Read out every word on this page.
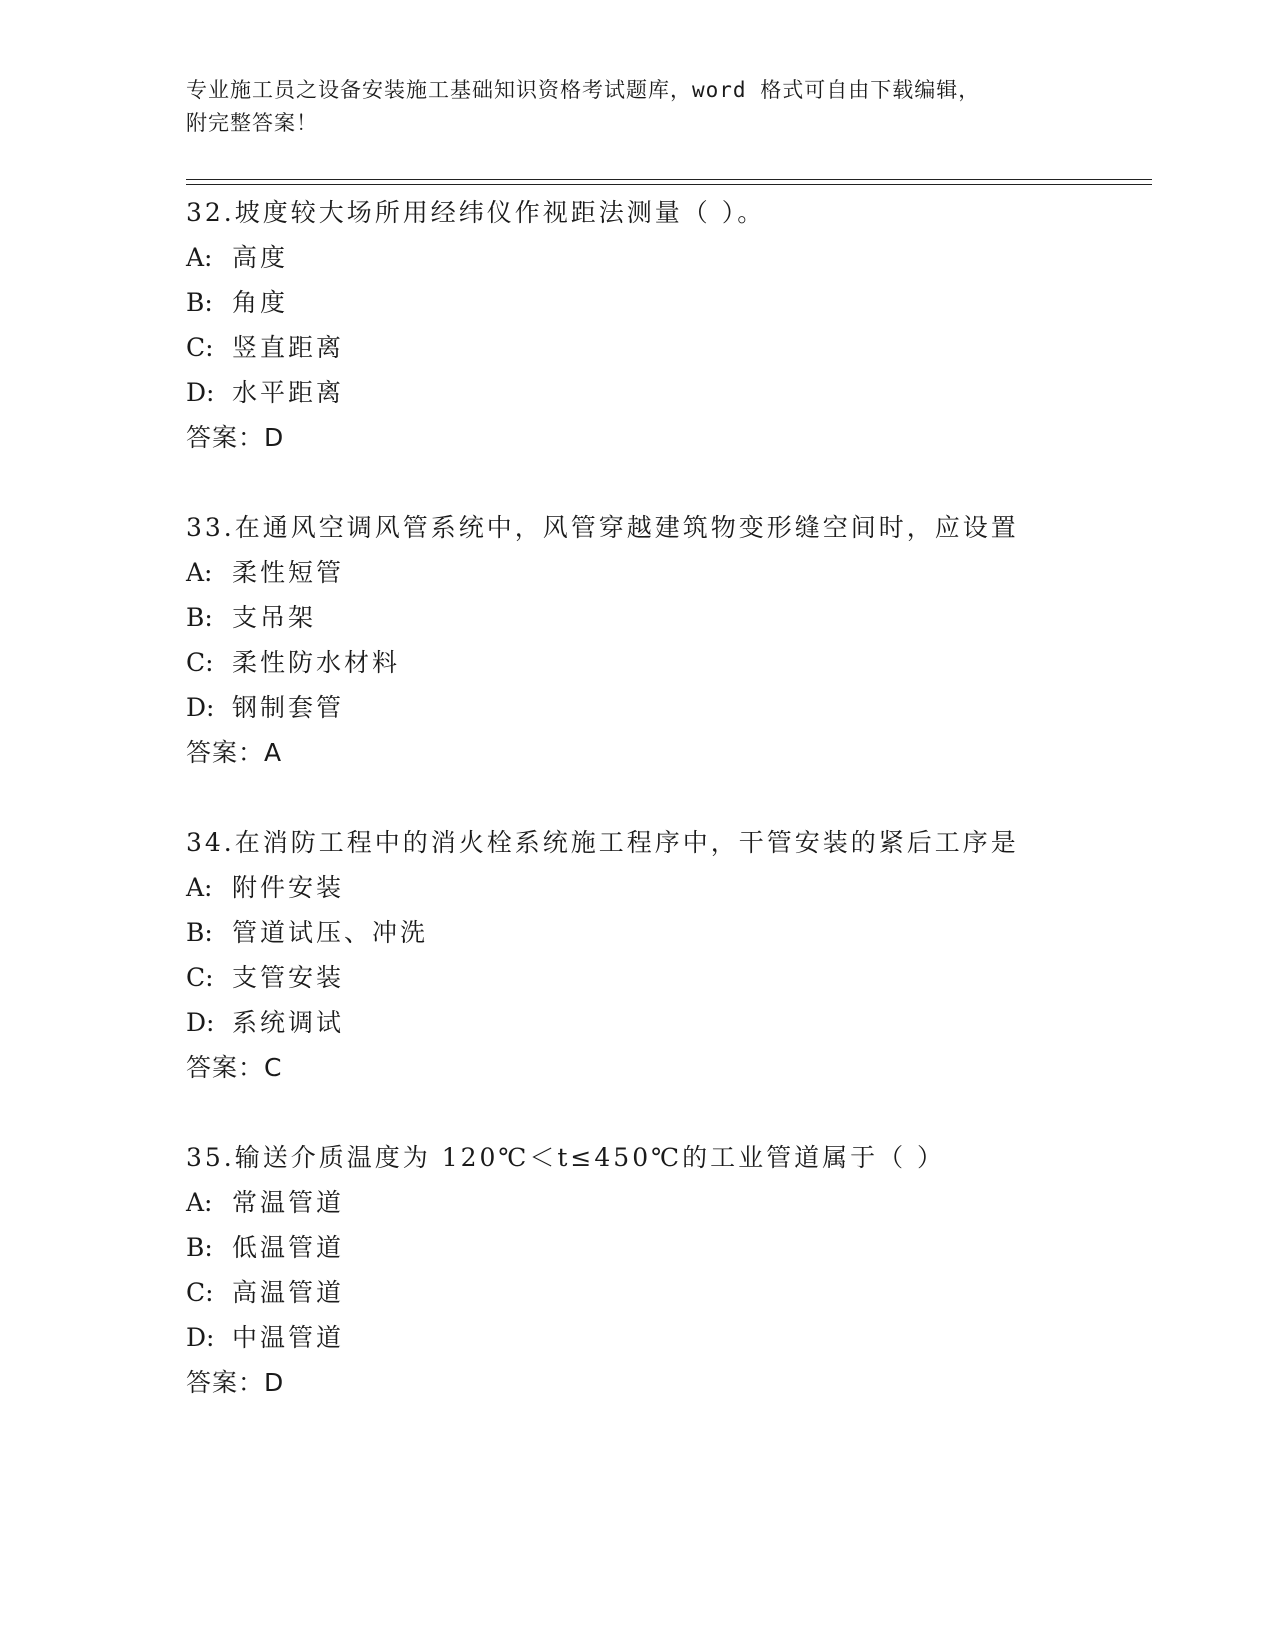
专业施工员之设备安装施工基础知识资格考试题库，word 格式可自由下载编辑，
附完整答案！
32.坡度较大场所用经纬仪作视距法测量（ ）。
A: 高度
B: 角度
C: 竖直距离
D: 水平距离
答案：D
33.在通风空调风管系统中，风管穿越建筑物变形缝空间时，应设置
A: 柔性短管
B: 支吊架
C: 柔性防水材料
D: 钢制套管
答案：A
34.在消防工程中的消火栓系统施工程序中，干管安装的紧后工序是
A: 附件安装
B: 管道试压、冲洗
C: 支管安装
D: 系统调试
答案：C
35.输送介质温度为 120℃＜t≤450℃的工业管道属于（ ）
A: 常温管道
B: 低温管道
C: 高温管道
D: 中温管道
答案：D
